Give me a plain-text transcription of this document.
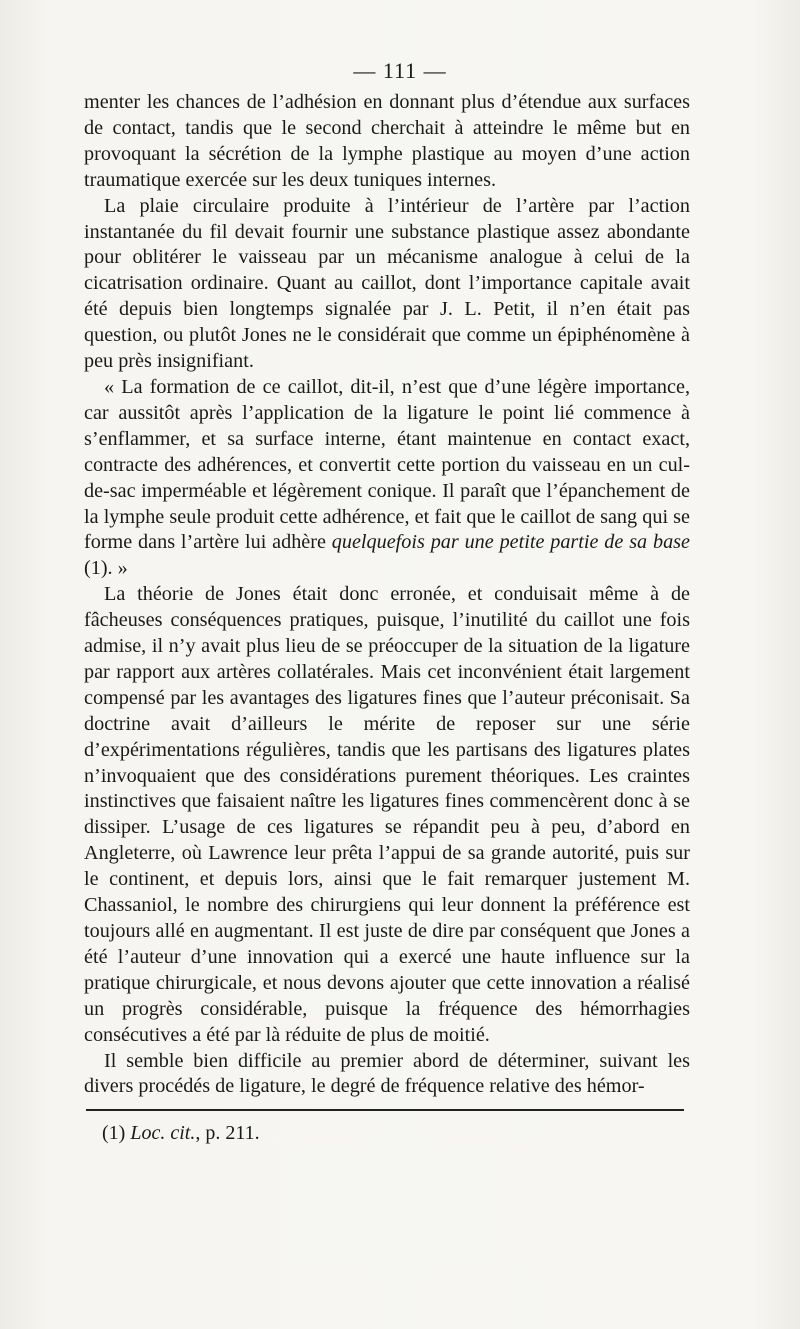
— 111 —

menter les chances de l’adhésion en donnant plus d’étendue aux surfaces de contact, tandis que le second cherchait à atteindre le même but en provoquant la sécrétion de la lymphe plastique au moyen d’une action traumatique exercée sur les deux tuniques internes.

La plaie circulaire produite à l’intérieur de l’artère par l’action instantanée du fil devait fournir une substance plastique assez abondante pour oblitérer le vaisseau par un mécanisme analogue à celui de la cicatrisation ordinaire. Quant au caillot, dont l’importance capitale avait été depuis bien longtemps signalée par J. L. Petit, il n’en était pas question, ou plutôt Jones ne le considérait que comme un épiphénomène à peu près insignifiant.

« La formation de ce caillot, dit-il, n’est que d’une légère importance, car aussitôt après l’application de la ligature le point lié commence à s’enflammer, et sa surface interne, étant maintenue en contact exact, contracte des adhérences, et convertit cette portion du vaisseau en un cul-de-sac imperméable et légèrement conique. Il paraît que l’épanchement de la lymphe seule produit cette adhérence, et fait que le caillot de sang qui se forme dans l’artère lui adhère quelquefois par une petite partie de sa base (1). »

La théorie de Jones était donc erronée, et conduisait même à de fâcheuses conséquences pratiques, puisque, l’inutilité du caillot une fois admise, il n’y avait plus lieu de se préoccuper de la situation de la ligature par rapport aux artères collatérales. Mais cet inconvénient était largement compensé par les avantages des ligatures fines que l’auteur préconisait. Sa doctrine avait d’ailleurs le mérite de reposer sur une série d’expérimentations régulières, tandis que les partisans des ligatures plates n’invoquaient que des considérations purement théoriques. Les craintes instinctives que faisaient naître les ligatures fines commencèrent donc à se dissiper. L’usage de ces ligatures se répandit peu à peu, d’abord en Angleterre, où Lawrence leur prêta l’appui de sa grande autorité, puis sur le continent, et depuis lors, ainsi que le fait remarquer justement M. Chassaniol, le nombre des chirurgiens qui leur donnent la préférence est toujours allé en augmentant. Il est juste de dire par conséquent que Jones a été l’auteur d’une innovation qui a exercé une haute influence sur la pratique chirurgicale, et nous devons ajouter que cette innovation a réalisé un progrès considérable, puisque la fréquence des hémorrhagies consécutives a été par là réduite de plus de moitié.

Il semble bien difficile au premier abord de déterminer, suivant les divers procédés de ligature, le degré de fréquence relative des hémor-

(1) Loc. cit., p. 211.
